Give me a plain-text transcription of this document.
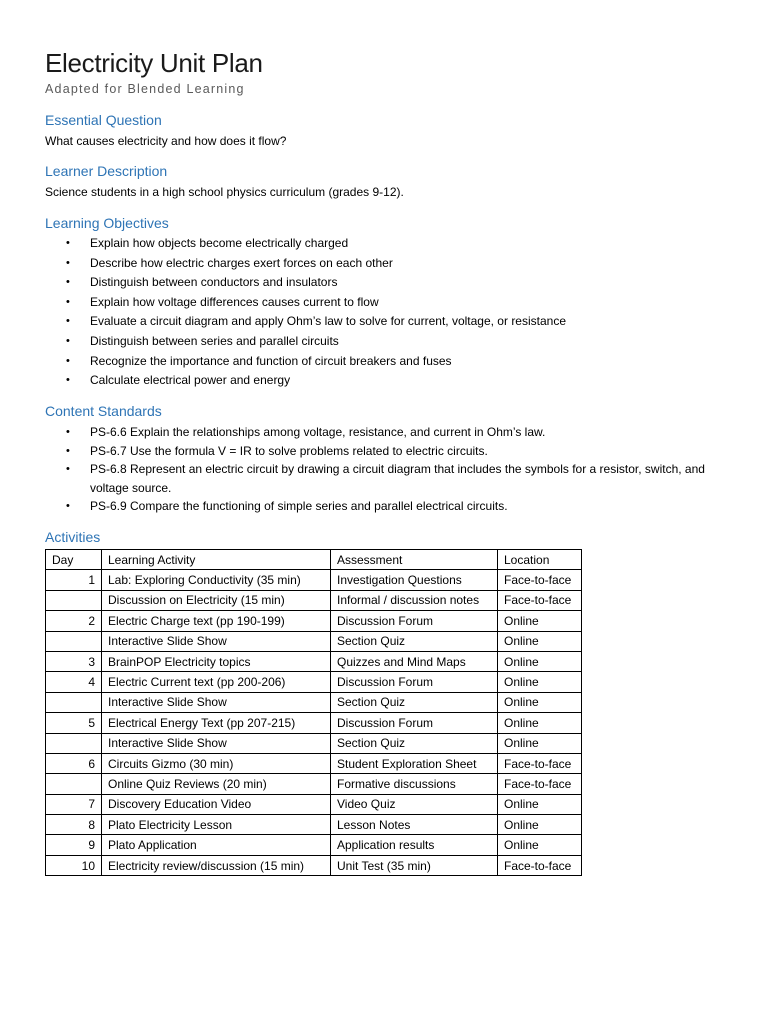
Electricity Unit Plan

Adapted for Blended Learning

Essential Question

What causes electricity and how does it flow?

Learner Description

Science students in a high school physics curriculum (grades 9-12).

Learning Objectives
• Explain how objects become electrically charged
• Describe how electric charges exert forces on each other
• Distinguish between conductors and insulators
• Explain how voltage differences causes current to flow
• Evaluate a circuit diagram and apply Ohm’s law to solve for current, voltage, or resistance
• Distinguish between series and parallel circuits
• Recognize the importance and function of circuit breakers and fuses
• Calculate electrical power and energy
Content Standards
• PS-6.6 Explain the relationships among voltage, resistance, and current in Ohm’s law.
• PS-6.7 Use the formula V = IR to solve problems related to electric circuits.
• PS-6.8 Represent an electric circuit by drawing a circuit diagram that includes the symbols for a resistor, switch, and voltage source.
• PS-6.9 Compare the functioning of simple series and parallel electrical circuits.
Activities
Day	Learning Activity	Assessment	Location
1	Lab: Exploring Conductivity (35 min)	Investigation Questions	Face-to-face
	Discussion on Electricity (15 min)	Informal / discussion notes	Face-to-face
2	Electric Charge text (pp 190-199)	Discussion Forum	Online
	Interactive Slide Show	Section Quiz	Online
3	BrainPOP Electricity topics	Quizzes and Mind Maps	Online
4	Electric Current text (pp 200-206)	Discussion Forum	Online
	Interactive Slide Show	Section Quiz	Online
5	Electrical Energy Text (pp 207-215)	Discussion Forum	Online
	Interactive Slide Show	Section Quiz	Online
6	Circuits Gizmo (30 min)	Student Exploration Sheet	Face-to-face
	Online Quiz Reviews (20 min)	Formative discussions	Face-to-face
7	Discovery Education Video	Video Quiz	Online
8	Plato Electricity Lesson	Lesson Notes	Online
9	Plato Application	Application results	Online
10	Electricity review/discussion (15 min)	Unit Test (35 min)	Face-to-face
